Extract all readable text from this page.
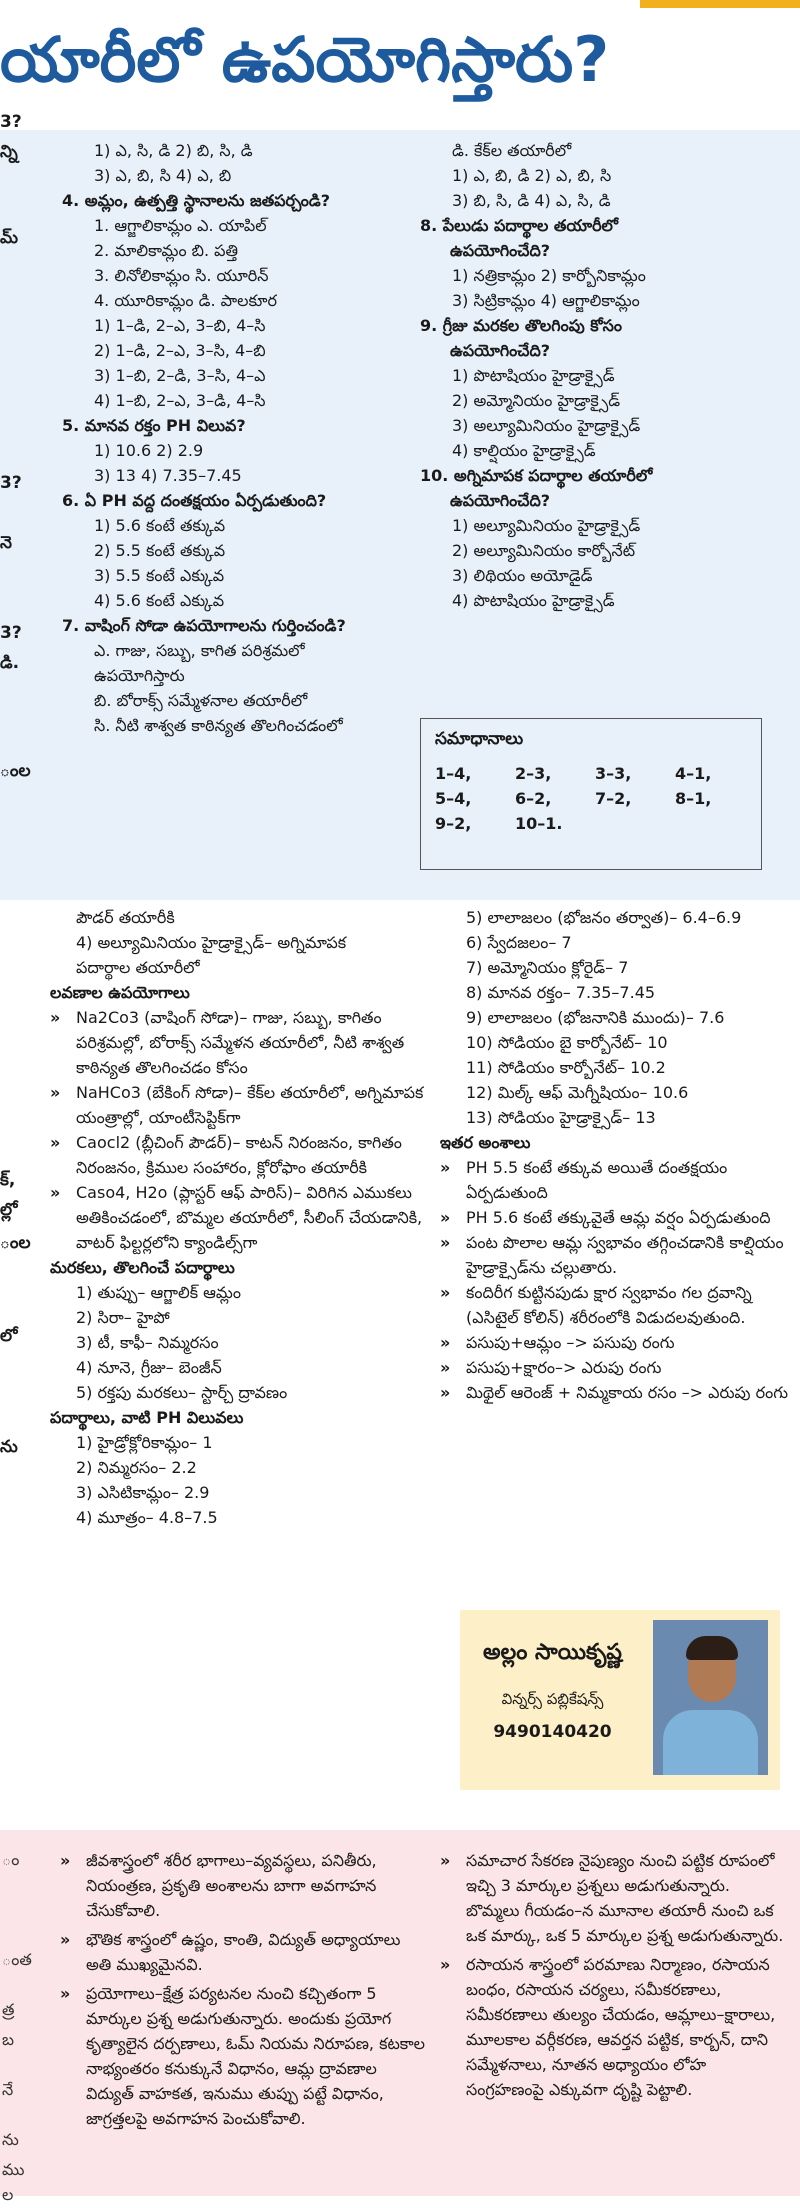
యారీలో ఉపయోగిస్తారు?
3?
న్ని
మ్
3?
నె
3?
డి.
ంల
1) ఎ, సి, డి 2) బి, సి, డి
3) ఎ, బి, సి 4) ఎ, బి
4. అమ్లం, ఉత్పత్తి స్థానాలను జతపర్చండి?
1. ఆగ్జాలికామ్లం ఎ. యాపిల్
2. మాలికామ్లం బి. పత్తి
3. లినోలికామ్లం సి. యూరిన్
4. యూరికామ్లం డి. పాలకూర
1) 1–డి, 2–ఎ, 3–బి, 4–సి
2) 1–డి, 2–ఎ, 3–సి, 4–బి
3) 1–బి, 2–డి, 3–సి, 4–ఎ
4) 1–బి, 2–ఎ, 3–డి, 4–సి
5. మానవ రక్తం PH విలువ?
1) 10.6 2) 2.9
3) 13 4) 7.35–7.45
6. ఏ PH వద్ద దంతక్షయం ఏర్పడుతుంది?
1) 5.6 కంటే తక్కువ
2) 5.5 కంటే తక్కువ
3) 5.5 కంటే ఎక్కువ
4) 5.6 కంటే ఎక్కువ
7. వాషింగ్ సోడా ఉపయోగాలను గుర్తించండి?
ఎ. గాజు, సబ్బు, కాగిత పరిశ్రమలో
ఉపయోగిస్తారు
బి. బోరాక్స్ సమ్మేళనాల తయారీలో
సి. నీటి శాశ్వత కాఠిన్యత తొలగించడంలో
డి. కేక్‌ల తయారీలో
1) ఎ, బి, డి 2) ఎ, బి, సి
3) బి, సి, డి 4) ఎ, సి, డి
8. పేలుడు పదార్థాల తయారీలో
ఉపయోగించేది?
1) నత్రికామ్లం 2) కార్బోనికామ్లం
3) సిట్రికామ్లం 4) ఆగ్జాలికామ్లం
9. గ్రీజు మరకల తొలగింపు కోసం
ఉపయోగించేది?
1) పొటాషియం హైడ్రాక్సైడ్
2) అమ్మోనియం హైడ్రాక్సైడ్
3) అల్యూమినియం హైడ్రాక్సైడ్
4) కాల్షియం హైడ్రాక్సైడ్
10. అగ్నిమాపక పదార్థాల తయారీలో
ఉపయోగించేది?
1) అల్యూమినియం హైడ్రాక్సైడ్
2) అల్యూమినియం కార్బోనేట్
3) లిథియం అయోడైడ్
4) పొటాషియం హైడ్రాక్సైడ్
సమాధానాలు
1–4,	2–3,	3–3,	4–1,
5–4,	6–2,	7–2,	8–1,
9–2,	10–1.
పౌడర్ తయారీకి
4) అల్యూమినియం హైడ్రాక్సైడ్– అగ్నిమాపక
పదార్థాల తయారీలో
లవణాల ఉపయోగాలు
» Na2Co3 (వాషింగ్ సోడా)– గాజు, సబ్బు, కాగితం పరిశ్రమల్లో, బోరాక్స్ సమ్మేళన తయారీలో, నీటి శాశ్వత కాఠిన్యత తొలగించడం కోసం
» NaHCo3 (బేకింగ్ సోడా)– కేక్‌ల తయారీలో, అగ్నిమాపక యంత్రాల్లో, యాంటీసెప్టిక్‌గా
» Caocl2 (బ్లీచింగ్ పౌడర్)– కాటన్ నిరంజనం, కాగితం నిరంజనం, క్రిముల సంహారం, క్లోరోఫాం తయారీకి
» Caso4, H2o (ప్లాస్టర్ ఆఫ్ పారిస్)– విరిగిన ఎముకలు అతికించడంలో, బొమ్మల తయారీలో, సీలింగ్ చేయడానికి, వాటర్ ఫిల్టర్లలోని క్యాండిల్స్‌గా
మరకలు, తొలగించే పదార్థాలు
1) తుప్పు– ఆగ్జాలిక్ ఆమ్లం
2) సిరా– హైపో
3) టీ, కాఫీ– నిమ్మరసం
4) నూనె, గ్రీజు– బెంజీన్
5) రక్తపు మరకలు– స్టార్చ్ ద్రావణం
పదార్థాలు, వాటి PH విలువలు
1) హైడ్రోక్లోరికామ్లం– 1
2) నిమ్మరసం– 2.2
3) ఎసిటికామ్లం– 2.9
4) మూత్రం– 4.8–7.5
5) లాలాజలం (భోజనం తర్వాత)– 6.4–6.9
6) స్వేదజలం– 7
7) అమ్మోనియం క్లోరైడ్– 7
8) మానవ రక్తం– 7.35–7.45
9) లాలాజలం (భోజనానికి ముందు)– 7.6
10) సోడియం బై కార్బోనేట్– 10
11) సోడియం కార్బోనేట్– 10.2
12) మిల్క్ ఆఫ్ మెగ్నీషియం– 10.6
13) సోడియం హైడ్రాక్సైడ్– 13
ఇతర అంశాలు
» PH 5.5 కంటే తక్కువ అయితే దంతక్షయం ఏర్పడుతుంది
» PH 5.6 కంటే తక్కువైతే ఆమ్ల వర్షం ఏర్పడుతుంది
» పంట పొలాల ఆమ్ల స్వభావం తగ్గించడానికి కాల్షియం హైడ్రాక్సైడ్‌ను చల్లుతారు.
» కందిరీగ కుట్టినపుడు క్షార స్వభావం గల ద్రవాన్ని (ఎసిటైల్ కోలిన్) శరీరంలోకి విడుదలవుతుంది.
» పసుపు+ఆమ్లం –> పసుపు రంగు
» పసుపు+క్షారం–> ఎరుపు రంగు
» మిథైల్ ఆరెంజ్ + నిమ్మకాయ రసం –> ఎరుపు రంగు
అల్లం సాయికృష్ణ
విన్నర్స్ పబ్లికేషన్స్
9490140420
ం
ంత
త్ర
బ
నే
ను
ము
ల
» జీవశాస్త్రంలో శరీర భాగాలు–వ్యవస్థలు, పనితీరు, నియంత్రణ, ప్రకృతి అంశాలను బాగా అవగాహన చేసుకోవాలి.
» భౌతిక శాస్త్రంలో ఉష్ణం, కాంతి, విద్యుత్ అధ్యాయాలు అతి ముఖ్యమైనవి.
» ప్రయోగాలు–క్షేత్ర పర్యటనల నుంచి కచ్చితంగా 5 మార్కుల ప్రశ్న అడుగుతున్నారు. అందుకు ప్రయోగ కృత్యాలైన దర్పణాలు, ఓమ్ నియమ నిరూపణ, కటకాల నాభ్యంతరం కనుక్కునే విధానం, ఆమ్ల ద్రావణాల విద్యుత్ వాహకత, ఇనుము తుప్పు పట్టే విధానం, జాగ్రత్తలపై అవగాహన పెంచుకోవాలి.
» సమాచార సేకరణ నైపుణ్యం నుంచి పట్టిక రూపంలో ఇచ్చి 3 మార్కుల ప్రశ్నలు అడుగుతున్నారు. బొమ్మలు గీయడం–న మూనాల తయారీ నుంచి ఒక ఒక మార్కు, ఒక 5 మార్కుల ప్రశ్న అడుగుతున్నారు.
» రసాయన శాస్త్రంలో పరమాణు నిర్మాణం, రసాయన బంధం, రసాయన చర్యలు, సమీకరణాలు, సమీకరణాలు తుల్యం చేయడం, ఆమ్లాలు–క్షారాలు, మూలకాల వర్గీకరణ, ఆవర్తన పట్టిక, కార్బన్, దాని సమ్మేళనాలు, నూతన అధ్యాయం లోహ సంగ్రహణంపై ఎక్కువగా దృష్టి పెట్టాలి.
క్,
ల్లో
ంల
లో
ను
